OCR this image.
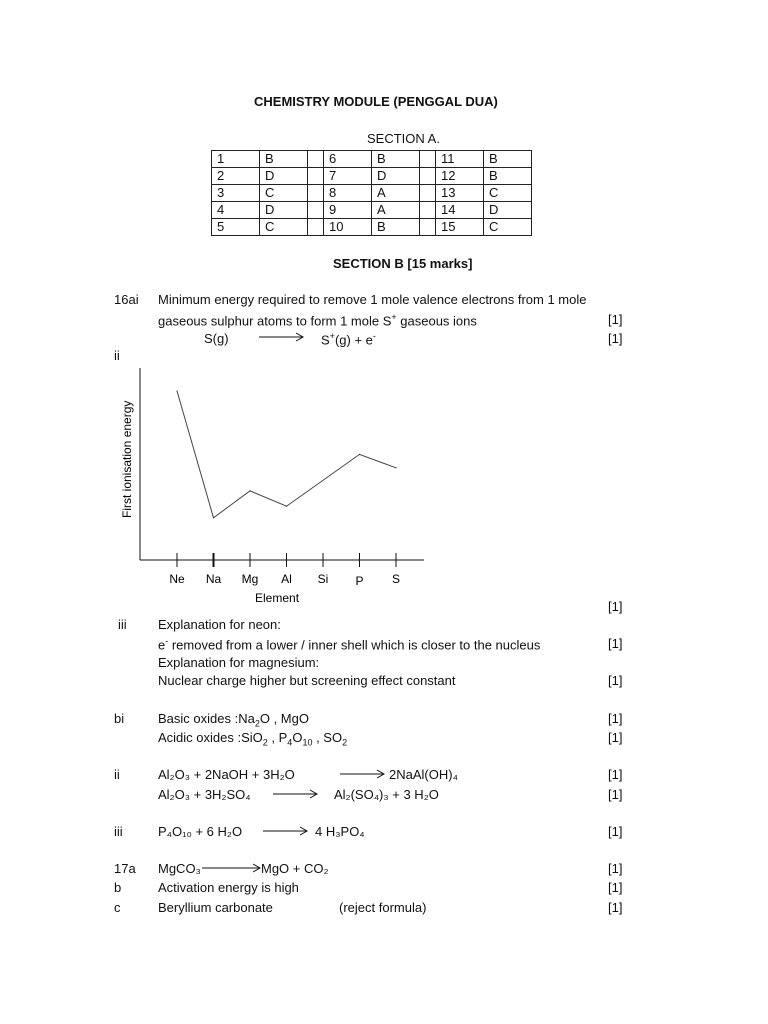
CHEMISTRY MODULE (PENGGAL DUA)
SECTION A.
1	B		6	B		11	B
2	D		7	D		12	B
3	C		8	A		13	C
4	D		9	A		14	D
5	C		10	B		15	C
SECTION B [15 marks]
16ai Minimum energy required to remove 1 mole valence electrons from 1 mole
gaseous sulphur atoms to form 1 mole S+ gaseous ions	[1]
S(g) → S+(g) + e-	[1]
ii
First ionisation energy
Ne Na Mg Al Si P S
Element
[1]
iii Explanation for neon:
e- removed from a lower / inner shell which is closer to the nucleus	[1]
Explanation for magnesium:
Nuclear charge higher but screening effect constant	[1]
bi	Basic oxides $:Na_2O$ , MgO	[1]
Acidic oxides :SiO$_2$ , $P_4O_{10}$ , $SO_2$	[1]
ii	Al₂O₃ + 2NaOH + 3H₂O	→ 2NaAl(OH)₄	[1]
Al₂O₃ + 3H₂SO₄ → Al₂(SO₄)₃ + 3 H₂O	[1]
iii	P₄O₁₀ + 6 H₂O → 4 H₃PO₄	[1]
17a MgCO₃	MgO + CO₂	[1]
b	Activation energy is high	[1]
c	Beryllium carbonate	(reject formula)	[1]
